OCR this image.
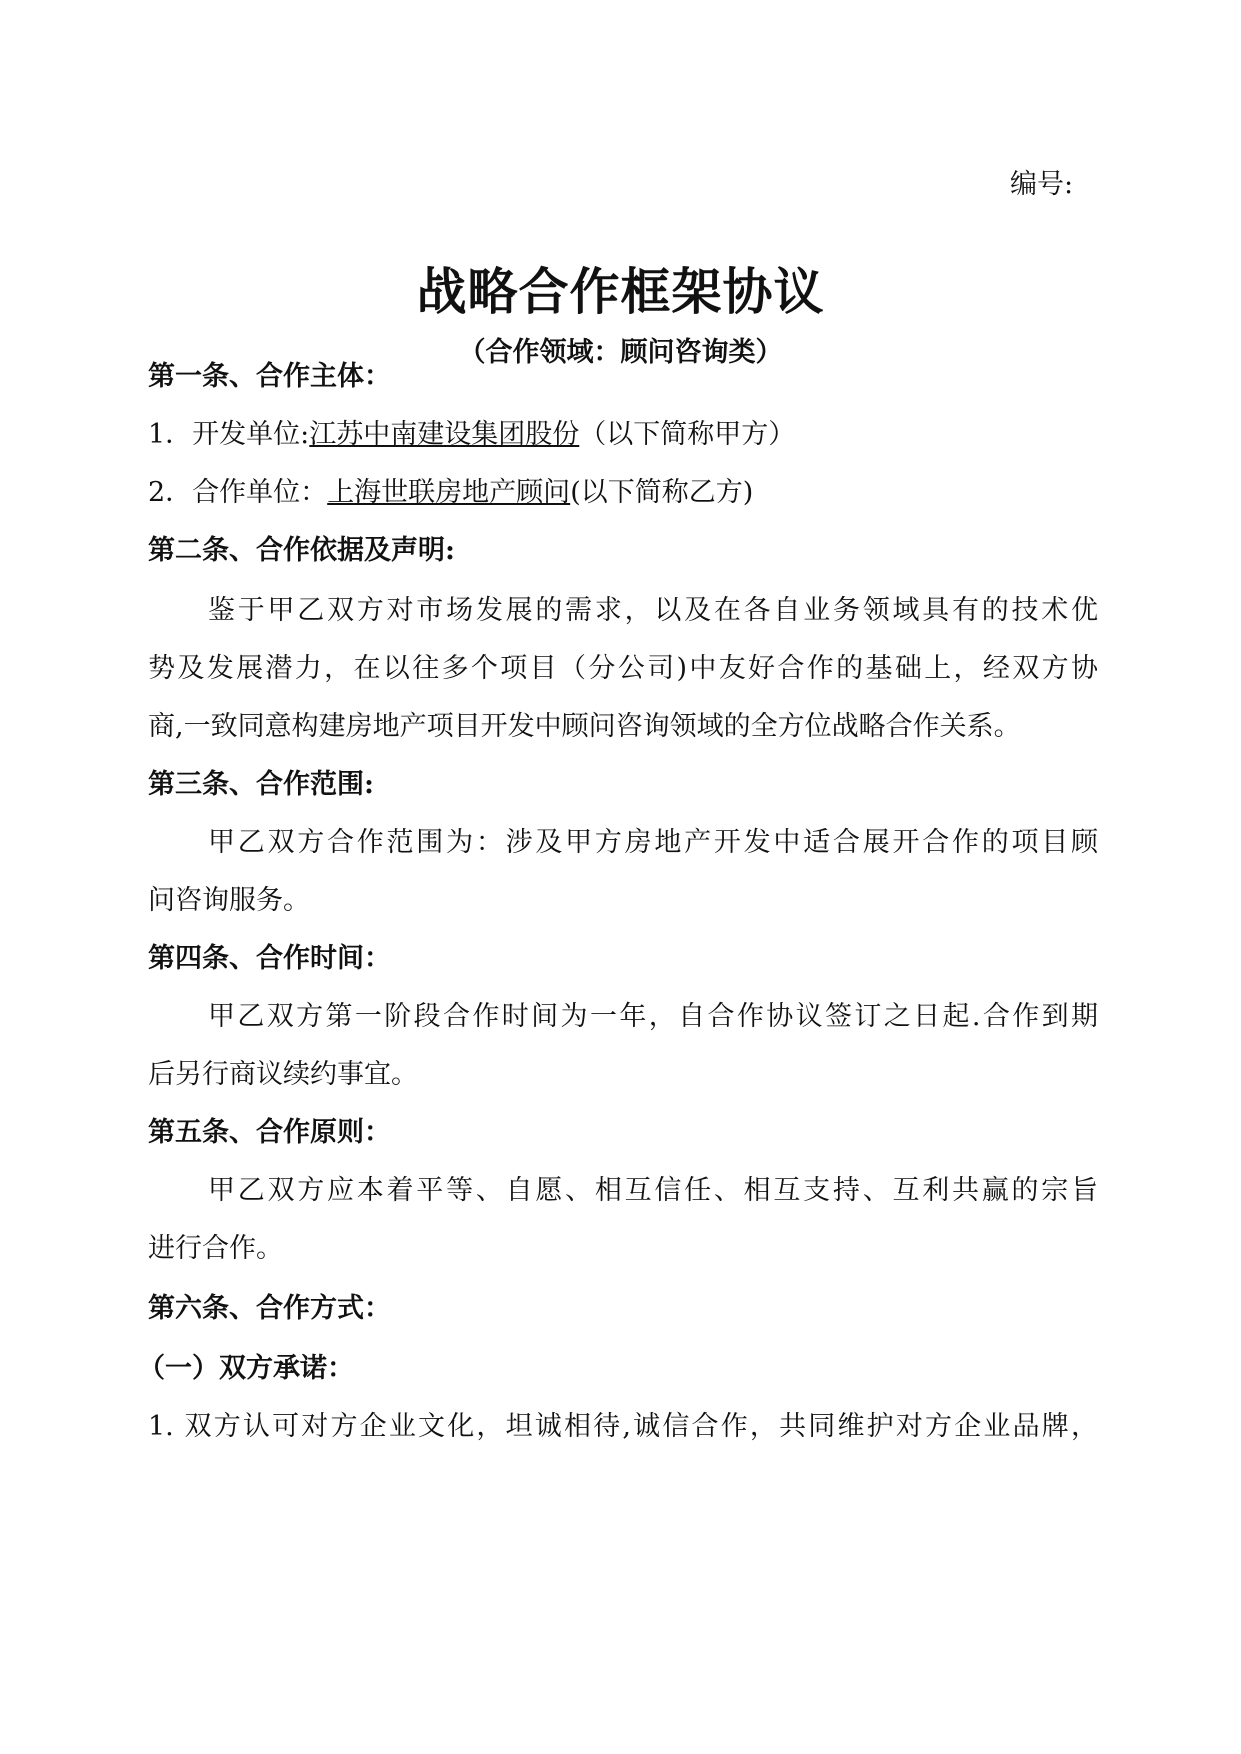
编号:
战略合作框架协议
（合作领域：顾问咨询类）
第一条、合作主体：
1．开发单位:江苏中南建设集团股份（以下简称甲方）
2．合作单位：上海世联房地产顾问(以下简称乙方)
第二条、合作依据及声明:
鉴于甲乙双方对市场发展的需求，以及在各自业务领域具有的技术优
势及发展潜力，在以往多个项目（分公司)中友好合作的基础上，经双方协
商,一致同意构建房地产项目开发中顾问咨询领域的全方位战略合作关系。
第三条、合作范围:
甲乙双方合作范围为：涉及甲方房地产开发中适合展开合作的项目顾
问咨询服务。
第四条、合作时间：
甲乙双方第一阶段合作时间为一年，自合作协议签订之日起.合作到期
后另行商议续约事宜。
第五条、合作原则：
甲乙双方应本着平等、自愿、相互信任、相互支持、互利共赢的宗旨
进行合作。
第六条、合作方式：
（一）双方承诺：
1. 双方认可对方企业文化，坦诚相待,诚信合作，共同维护对方企业品牌，
